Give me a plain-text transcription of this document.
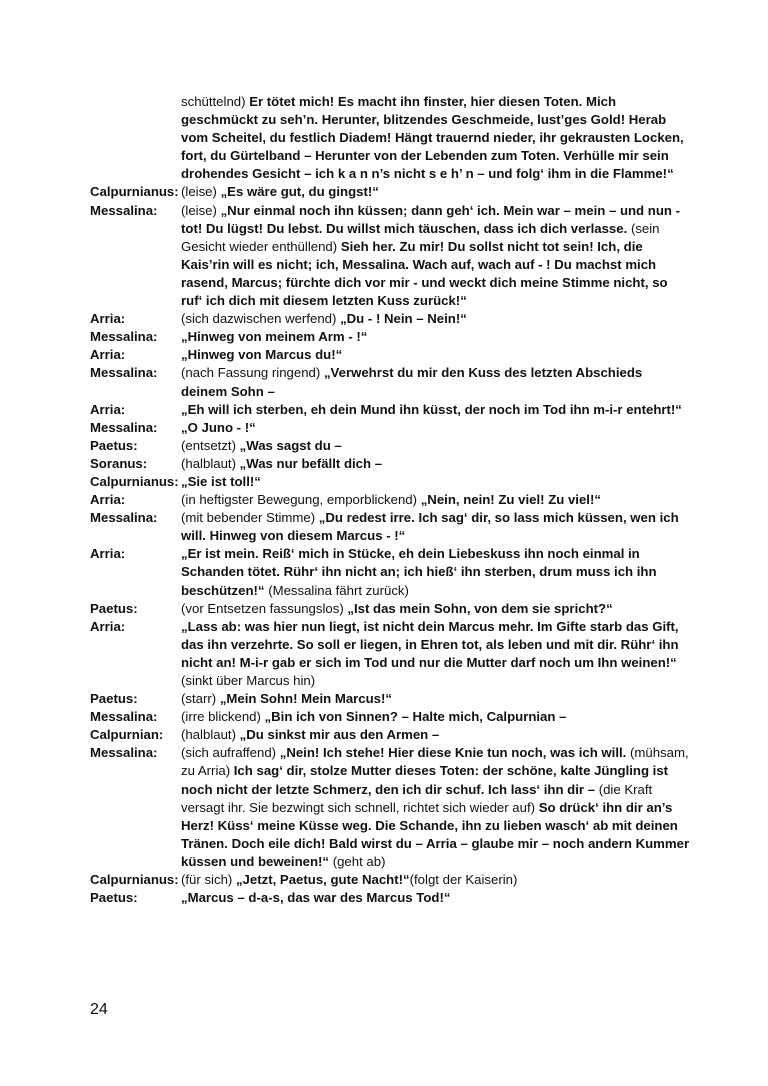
schüttelnd) Er tötet mich! Es macht ihn finster, hier diesen Toten. Mich geschmückt zu seh’n. Herunter, blitzendes Geschmeide, lust’ges Gold! Herab vom Scheitel, du festlich Diadem! Hängt trauernd nieder, ihr gekrausten Locken, fort, du Gürtelband – Herunter von der Lebenden zum Toten. Verhülle mir sein drohendes Gesicht – ich k a n n’s nicht s e h’ n – und folg‘ ihm in die Flamme!“
Calpurnianus: (leise) „Es wäre gut, du gingst!“
Messalina:	(leise) „Nur einmal noch ihn küssen; dann geh‘ ich. Mein war – mein – und nun - tot! Du lügst! Du lebst. Du willst mich täuschen, dass ich dich verlasse. (sein Gesicht wieder enthüllend) Sieh her. Zu mir! Du sollst nicht tot sein! Ich, die Kais’rin will es nicht; ich, Messalina. Wach auf, wach auf - ! Du machst mich rasend, Marcus; fürchte dich vor mir - und weckt dich meine Stimme nicht, so ruf‘ ich dich mit diesem letzten Kuss zurück!“
Arria:	(sich dazwischen werfend) „Du - ! Nein – Nein!“
Messalina:	„Hinweg von meinem Arm - !“
Arria:	„Hinweg von Marcus du!“
Messalina:	(nach Fassung ringend) „Verwehrst du mir den Kuss des letzten Abschieds deinem Sohn –
Arria:	„Eh will ich sterben, eh dein Mund ihn küsst, der noch im Tod ihn m-i-r entehrt!“
Messalina:	„O Juno - !“
Paetus:	(entsetzt) „Was sagst du –
Soranus:	(halblaut) „Was nur befällt dich –
Calpurnianus: „Sie ist toll!“
Arria:	(in heftigster Bewegung, emporblickend) „Nein, nein! Zu viel! Zu viel!“
Messalina:	(mit bebender Stimme) „Du redest irre. Ich sag‘ dir, so lass mich küssen, wen ich will. Hinweg von diesem Marcus - !“
Arria:	„Er ist mein. Reiß‘ mich in Stücke, eh dein Liebeskuss ihn noch einmal in Schanden tötet. Rühr‘ ihn nicht an; ich hieß‘ ihn sterben, drum muss ich ihn beschützen!“ (Messalina fährt zurück)
Paetus:	(vor Entsetzen fassungslos) „Ist das mein Sohn, von dem sie spricht?“
Arria:	„Lass ab: was hier nun liegt, ist nicht dein Marcus mehr. Im Gifte starb das Gift, das ihn verzehrte. So soll er liegen, in Ehren tot, als leben und mit dir. Rühr‘ ihn nicht an! M-i-r gab er sich im Tod und nur die Mutter darf noch um Ihn weinen!“ (sinkt über Marcus hin)
Paetus:	(starr) „Mein Sohn! Mein Marcus!“
Messalina:	(irre blickend) „Bin ich von Sinnen? – Halte mich, Calpurnian –
Calpurnian:	(halblaut) „Du sinkst mir aus den Armen –
Messalina:	(sich aufraffend) „Nein! Ich stehe! Hier diese Knie tun noch, was ich will. (mühsam, zu Arria) Ich sag‘ dir, stolze Mutter dieses Toten: der schöne, kalte Jüngling ist noch nicht der letzte Schmerz, den ich dir schuf. Ich lass‘ ihn dir – (die Kraft versagt ihr. Sie bezwingt sich schnell, richtet sich wieder auf) So drück‘ ihn dir an’s Herz! Küss‘ meine Küsse weg. Die Schande, ihn zu lieben wasch‘ ab mit deinen Tränen. Doch eile dich! Bald wirst du – Arria – glaube mir – noch andern Kummer küssen und beweinen!“ (geht ab)
Calpurnianus: (für sich) „Jetzt, Paetus, gute Nacht!“(folgt der Kaiserin)
Paetus:	„Marcus – d-a-s, das war des Marcus Tod!“
24
